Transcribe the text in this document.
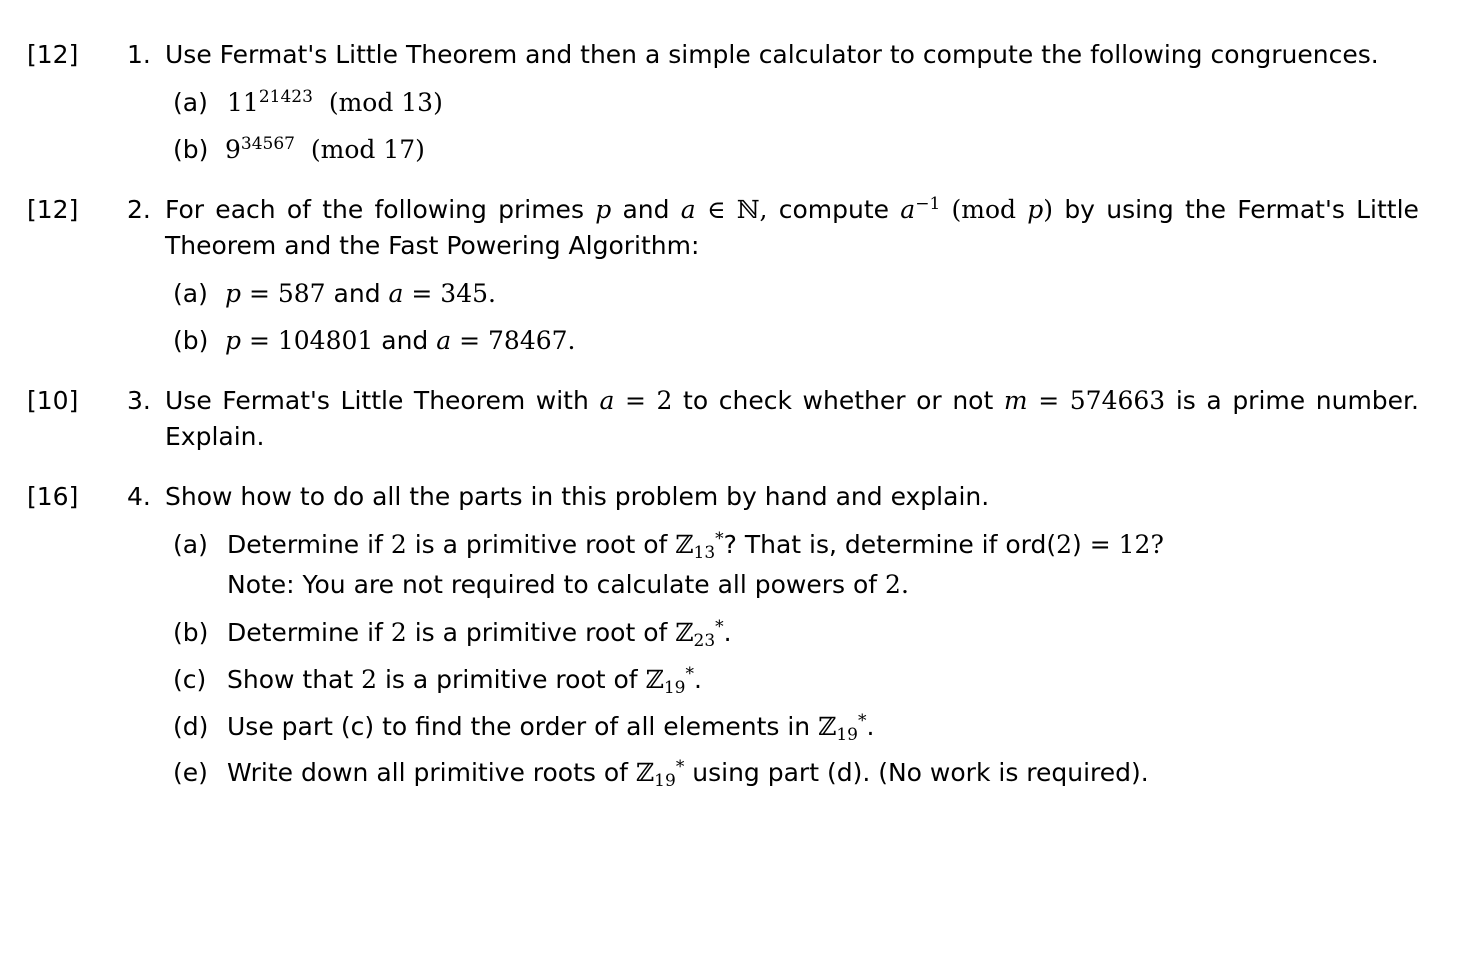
[12] 1. Use Fermat's Little Theorem and then a simple calculator to compute the following congruences.
(a) $11^{21423}$ (mod 13)
(b) $9^{34567}$ (mod 17)
[12] 2. For each of the following primes p and a ∈ ℕ, compute $a^{-1}$ (mod p) by using the Fermat's Little
Theorem and the Fast Powering Algorithm:
(a) p = 587 and a = 345.
(b) p = 104801 and a = 78467.
[10] 3. Use Fermat's Little Theorem with a = 2 to check whether or not m = 574663 is a prime number.
Explain.
[16] 4. Show how to do all the parts in this problem by hand and explain.
(a) Determine if 2 is a primitive root of ℤ$_{13}$*? That is, determine if ord(2) = 12?
Note: You are not required to calculate all powers of 2.
(b) Determine if 2 is a primitive root of ℤ$_{23}$*.
(c) Show that 2 is a primitive root of ℤ$_{19}$*.
(d) Use part (c) to find the order of all elements in ℤ$_{19}$*.
(e) Write down all primitive roots of ℤ$_{19}$* using part (d). (No work is required).
